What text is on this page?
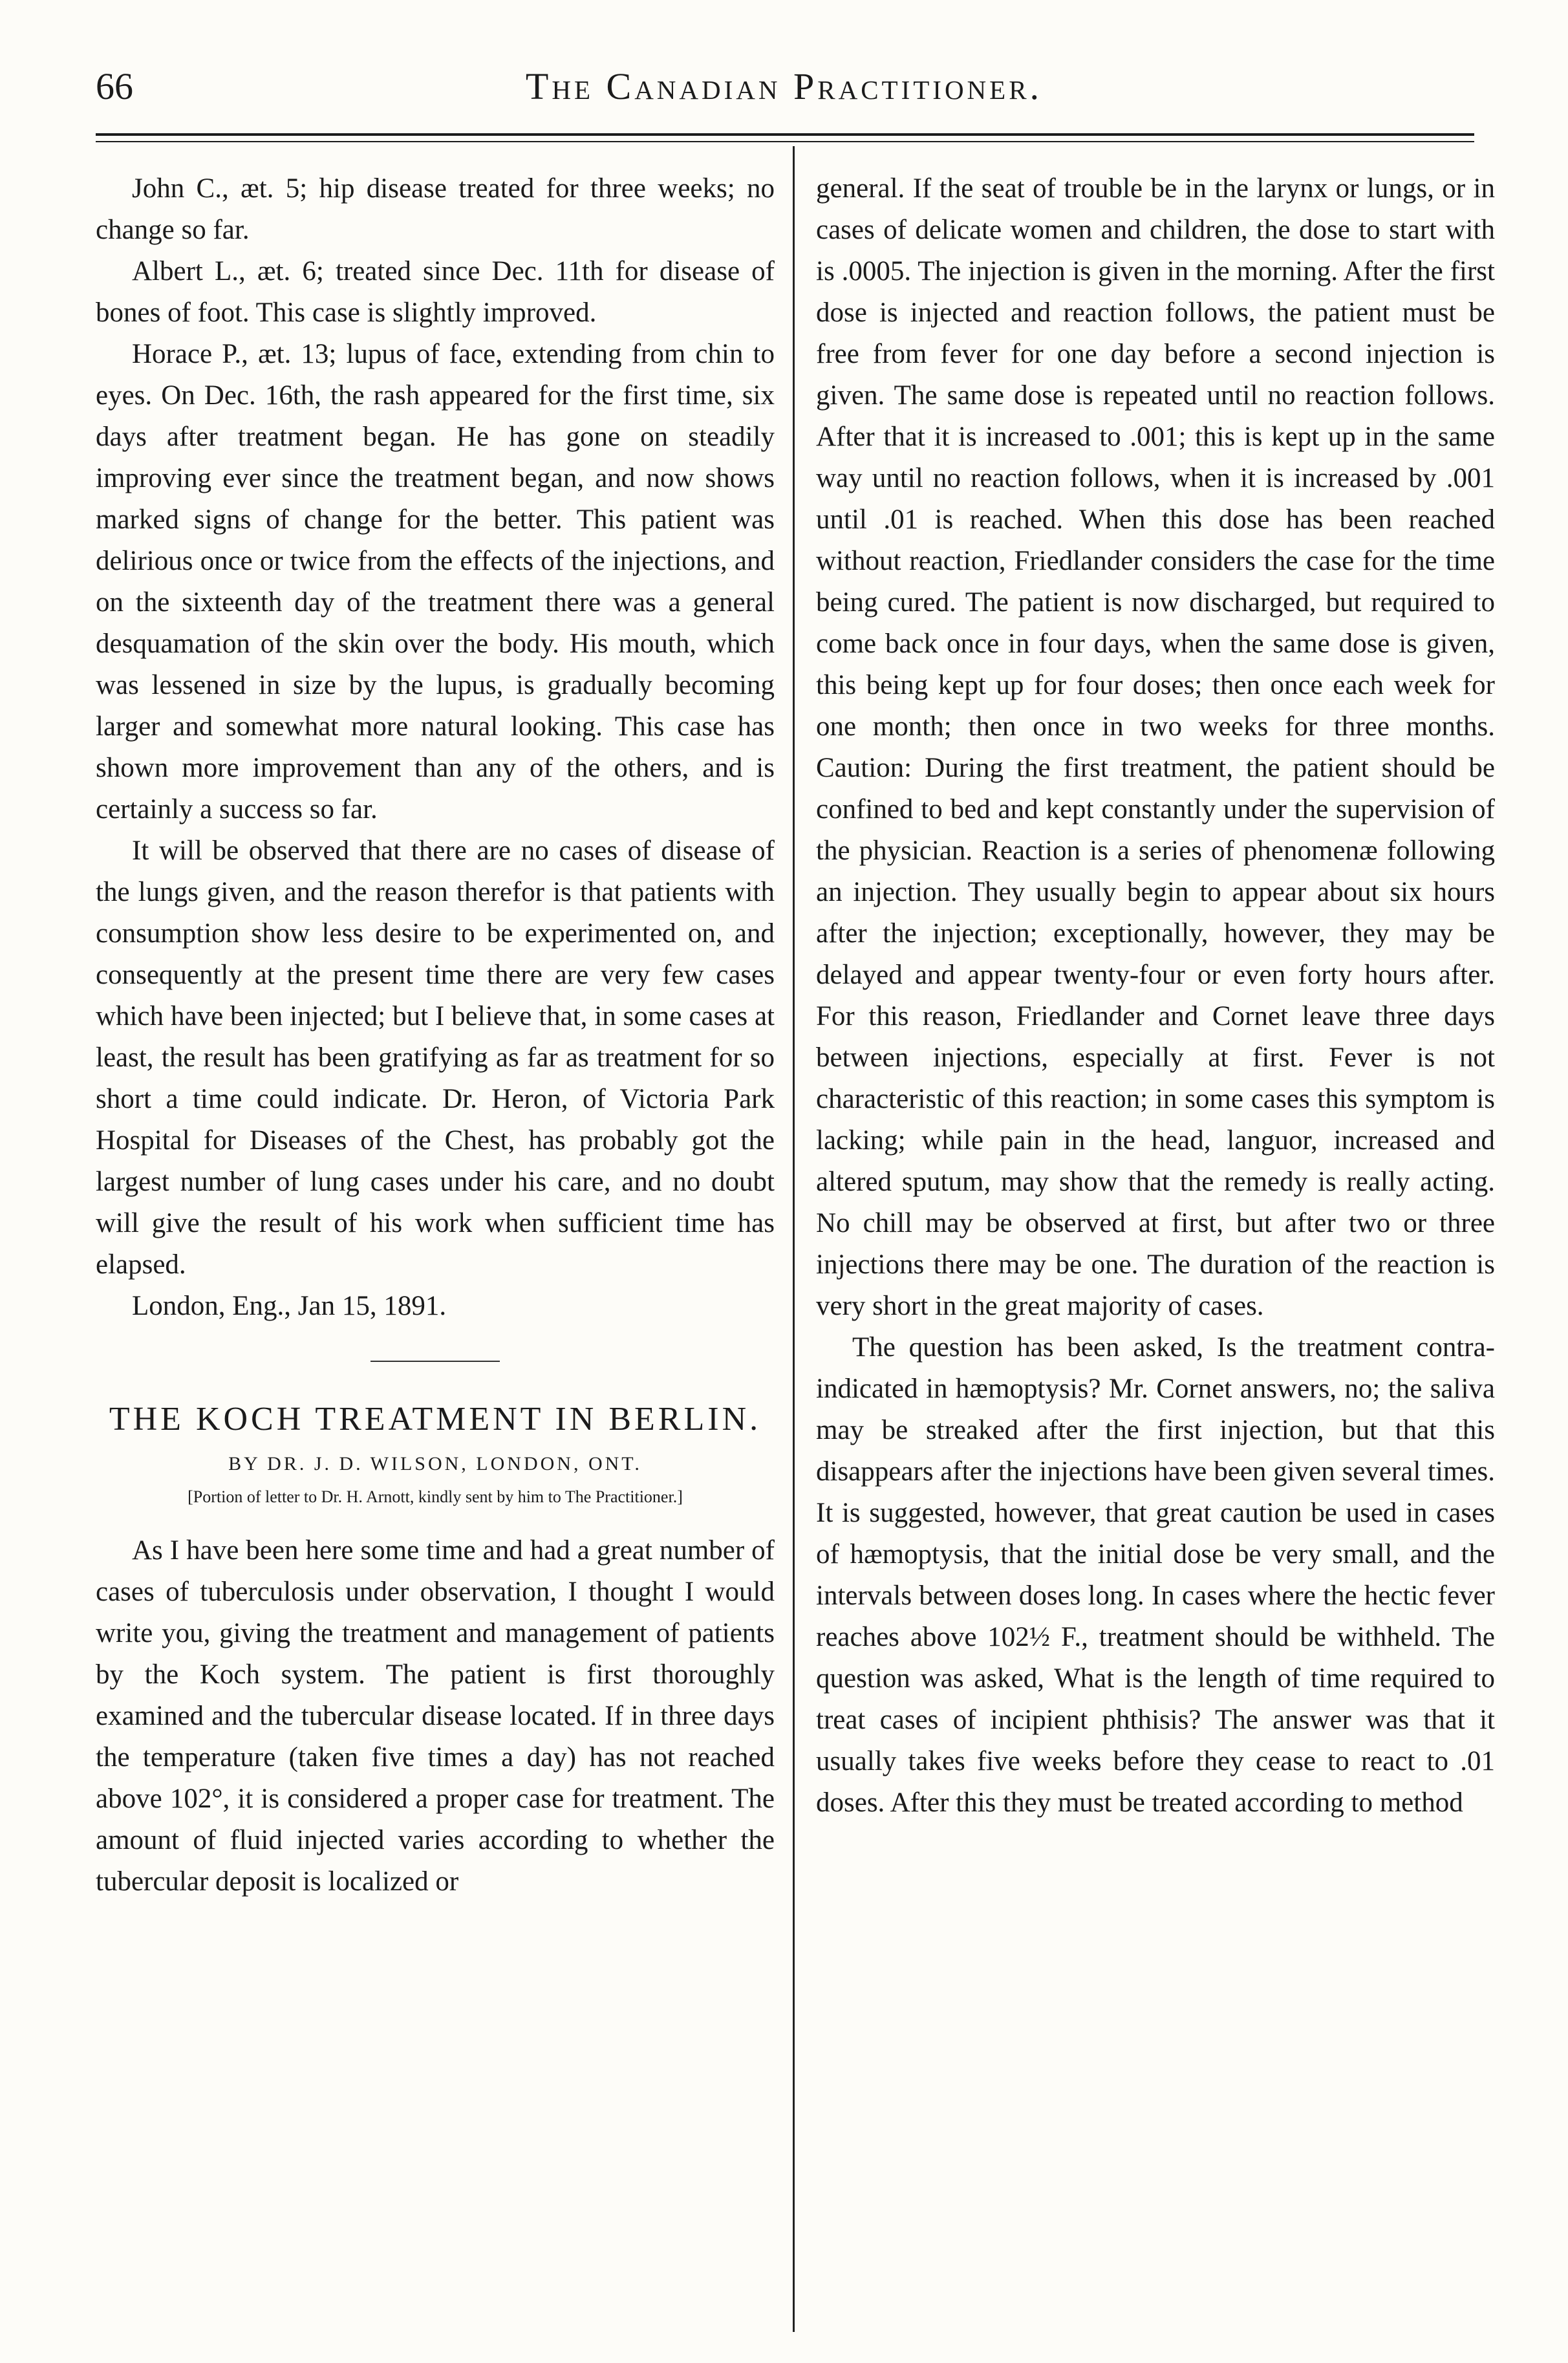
66	The Canadian Practitioner.

John C., æt. 5; hip disease treated for three weeks; no change so far.

Albert L., æt. 6; treated since Dec. 11th for disease of bones of foot. This case is slightly improved.

Horace P., æt. 13; lupus of face, extending from chin to eyes. On Dec. 16th, the rash appeared for the first time, six days after treatment began. He has gone on steadily improving ever since the treatment began, and now shows marked signs of change for the better. This patient was delirious once or twice from the effects of the injections, and on the sixteenth day of the treatment there was a general desquamation of the skin over the body. His mouth, which was lessened in size by the lupus, is gradually becoming larger and somewhat more natural looking. This case has shown more improvement than any of the others, and is certainly a success so far.

It will be observed that there are no cases of disease of the lungs given, and the reason therefor is that patients with consumption show less desire to be experimented on, and consequently at the present time there are very few cases which have been injected; but I believe that, in some cases at least, the result has been gratifying as far as treatment for so short a time could indicate. Dr. Heron, of Victoria Park Hospital for Diseases of the Chest, has probably got the largest number of lung cases under his care, and no doubt will give the result of his work when sufficient time has elapsed.

London, Eng., Jan 15, 1891.

THE KOCH TREATMENT IN BERLIN.
BY DR. J. D. WILSON, LONDON, ONT.
[Portion of letter to Dr. H. Arnott, kindly sent by him to The Practitioner.]

As I have been here some time and had a great number of cases of tuberculosis under observation, I thought I would write you, giving the treatment and management of patients by the Koch system. The patient is first thoroughly examined and the tubercular disease located. If in three days the temperature (taken five times a day) has not reached above 102°, it is considered a proper case for treatment. The amount of fluid injected varies according to whether the tubercular deposit is localized or

general. If the seat of trouble be in the larynx or lungs, or in cases of delicate women and children, the dose to start with is .0005. The injection is given in the morning. After the first dose is injected and reaction follows, the patient must be free from fever for one day before a second injection is given. The same dose is repeated until no reaction follows. After that it is increased to .001; this is kept up in the same way until no reaction follows, when it is increased by .001 until .01 is reached. When this dose has been reached without reaction, Friedlander considers the case for the time being cured. The patient is now discharged, but required to come back once in four days, when the same dose is given, this being kept up for four doses; then once each week for one month; then once in two weeks for three months. Caution: During the first treatment, the patient should be confined to bed and kept constantly under the supervision of the physician. Reaction is a series of phenomenæ following an injection. They usually begin to appear about six hours after the injection; exceptionally, however, they may be delayed and appear twenty-four or even forty hours after. For this reason, Friedlander and Cornet leave three days between injections, especially at first. Fever is not characteristic of this reaction; in some cases this symptom is lacking; while pain in the head, languor, increased and altered sputum, may show that the remedy is really acting. No chill may be observed at first, but after two or three injections there may be one. The duration of the reaction is very short in the great majority of cases.

The question has been asked, Is the treatment contra-indicated in hæmoptysis? Mr. Cornet answers, no; the saliva may be streaked after the first injection, but that this disappears after the injections have been given several times. It is suggested, however, that great caution be used in cases of hæmoptysis, that the initial dose be very small, and the intervals between doses long. In cases where the hectic fever reaches above 102½ F., treatment should be withheld. The question was asked, What is the length of time required to treat cases of incipient phthisis? The answer was that it usually takes five weeks before they cease to react to .01 doses. After this they must be treated according to method
